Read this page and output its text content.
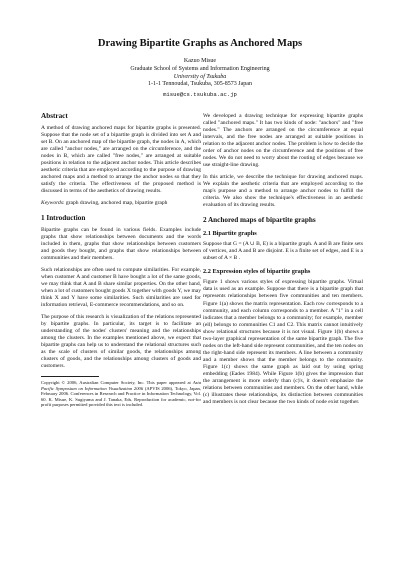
Drawing Bipartite Graphs as Anchored Maps
Kazuo Misue
Graduate School of Systems and Information Engineering
University of Tsukuba
1-1-1 Tennoudai, Tsukuba, 305-8573 Japan
misue@cs.tsukuba.ac.jp
Abstract

A method of drawing anchored maps for bipartite graphs is presented. Suppose that the node set of a bipartite graph is divided into set A and set B. On an anchored map of the bipartite graph, the nodes in A, which are called "anchor nodes," are arranged on the circumference, and the nodes in B, which are called "free nodes," are arranged at suitable positions in relation to the adjacent anchor nodes. This article describes aesthetic criteria that are employed according to the purpose of drawing anchored maps and a method to arrange the anchor nodes so that they satisfy the criteria. The effectiveness of the proposed method is discussed in terms of the aesthetics of drawing results.

Keywords: graph drawing, anchored map, bipartite graph

1 Introduction

Bipartite graphs can be found in various fields. Examples include graphs that show relationships between documents and the words included in them, graphs that show relationships between customers and goods they bought, and graphs that show relationships between communities and their members.

Such relationships are often used to compute similarities. For example, when customer A and customer B have bought a lot of the same goods, we may think that A and B share similar properties. On the other hand, when a lot of customers bought goods X together with goods Y, we may think X and Y have some similarities. Such similarities are used for information retrieval, E-commerce recommendations, and so on.

The purpose of this research is visualization of the relations represented by bipartite graphs. In particular, its target is to facilitate an understanding of the nodes' clusters' meaning and the relationships among the clusters. In the examples mentioned above, we expect that bipartite graphs can help us to understand the relational structures such as the scale of clusters of similar goods, the relationships among clusters of goods, and the relationships among clusters of goods and customers.

Copyright © 2006, Australian Computer Society, Inc. This paper appeared at Asia Pacific Symposium on Information Visualization 2006 (APVIS 2006), Tokyo, Japan, February 2006. Conferences in Research and Practice in Information Technology, Vol. 60. K. Misue, K. Sugiyama and J. Tanaka, Eds. Reproduction for academic, not-for profit purposes permitted provided this text is included.

We developed a drawing technique for expressing bipartite graphs called "anchored maps." It has two kinds of node: "anchors" and "free nodes." The anchors are arranged on the circumference at equal intervals, and the free nodes are arranged at suitable positions in relation to the adjacent anchor nodes. The problem is how to decide the order of anchor nodes on the circumference and the positions of free nodes. We do not need to worry about the routing of edges because we use straight-line drawing.

In this article, we describe the technique for drawing anchored maps. We explain the aesthetic criteria that are employed according to the map's purpose and a method to arrange anchor nodes to fulfill the criteria. We also show the technique's effectiveness in an aesthetic evaluation of its drawing results.

2 Anchored maps of bipartite graphs
2.1 Bipartite graphs

Suppose that G = (A ∪ B, E) is a bipartite graph. A and B are finite sets of vertices, and A and B are disjoint. E is a finite set of edges, and E is a subset of A × B .

2.2 Expression styles of bipartite graphs

Figure 1 shows various styles of expressing bipartite graphs. Virtual data is used as an example. Suppose that there is a bipartite graph that represents relationships between five communities and ten members. Figure 1(a) shows the matrix representation. Each row corresponds to a community, and each column corresponds to a member. A "1" in a cell indicates that a member belongs to a community; for example, member (ell) belongs to communities C1 and C2. This matrix cannot intuitively show relational structures because it is not visual. Figure 1(b) shows a two-layer graphical representation of the same bipartite graph. The five nodes on the left-hand side represent communities, and the ten nodes on the right-hand side represent its members. A line between a community and a member shows that the member belongs to the community. Figure 1(c) shows the same graph as laid out by using spring embedding (Eades 1984). While Figure 1(b) gives the impression that the arrangement is more orderly than (c)'s, it doesn't emphasize the relations between communities and members. On the other hand, while (c) illustrates these relationships, its distinction between communities and members is not clear because the two kinds of node exist together.
